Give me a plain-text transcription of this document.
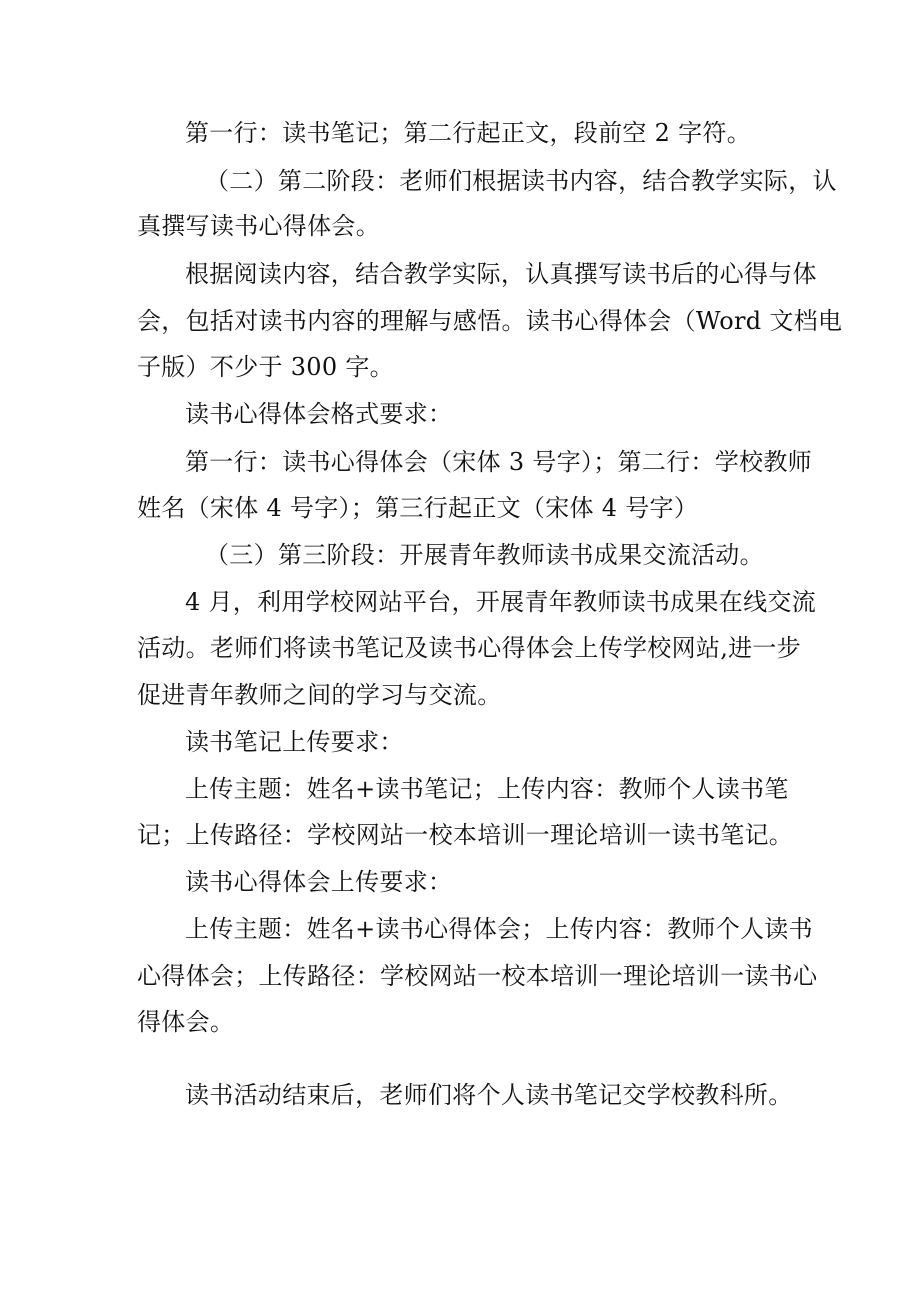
第一行：读书笔记；第二行起正文，段前空 2 字符。
（二）第二阶段：老师们根据读书内容，结合教学实际，认
真撰写读书心得体会。
根据阅读内容，结合教学实际，认真撰写读书后的心得与体
会，包括对读书内容的理解与感悟。读书心得体会（Word 文档电
子版）不少于 300 字。
读书心得体会格式要求：
第一行：读书心得体会（宋体 3 号字）；第二行：学校教师
姓名（宋体 4 号字）；第三行起正文（宋体 4 号字）
（三）第三阶段：开展青年教师读书成果交流活动。
4 月，利用学校网站平台，开展青年教师读书成果在线交流
活动。老师们将读书笔记及读书心得体会上传学校网站,进一步
促进青年教师之间的学习与交流。
读书笔记上传要求：
上传主题：姓名+读书笔记；上传内容：教师个人读书笔
记；上传路径：学校网站一校本培训一理论培训一读书笔记。
读书心得体会上传要求：
上传主题：姓名+读书心得体会；上传内容：教师个人读书
心得体会；上传路径：学校网站一校本培训一理论培训一读书心
得体会。
读书活动结束后，老师们将个人读书笔记交学校教科所。
